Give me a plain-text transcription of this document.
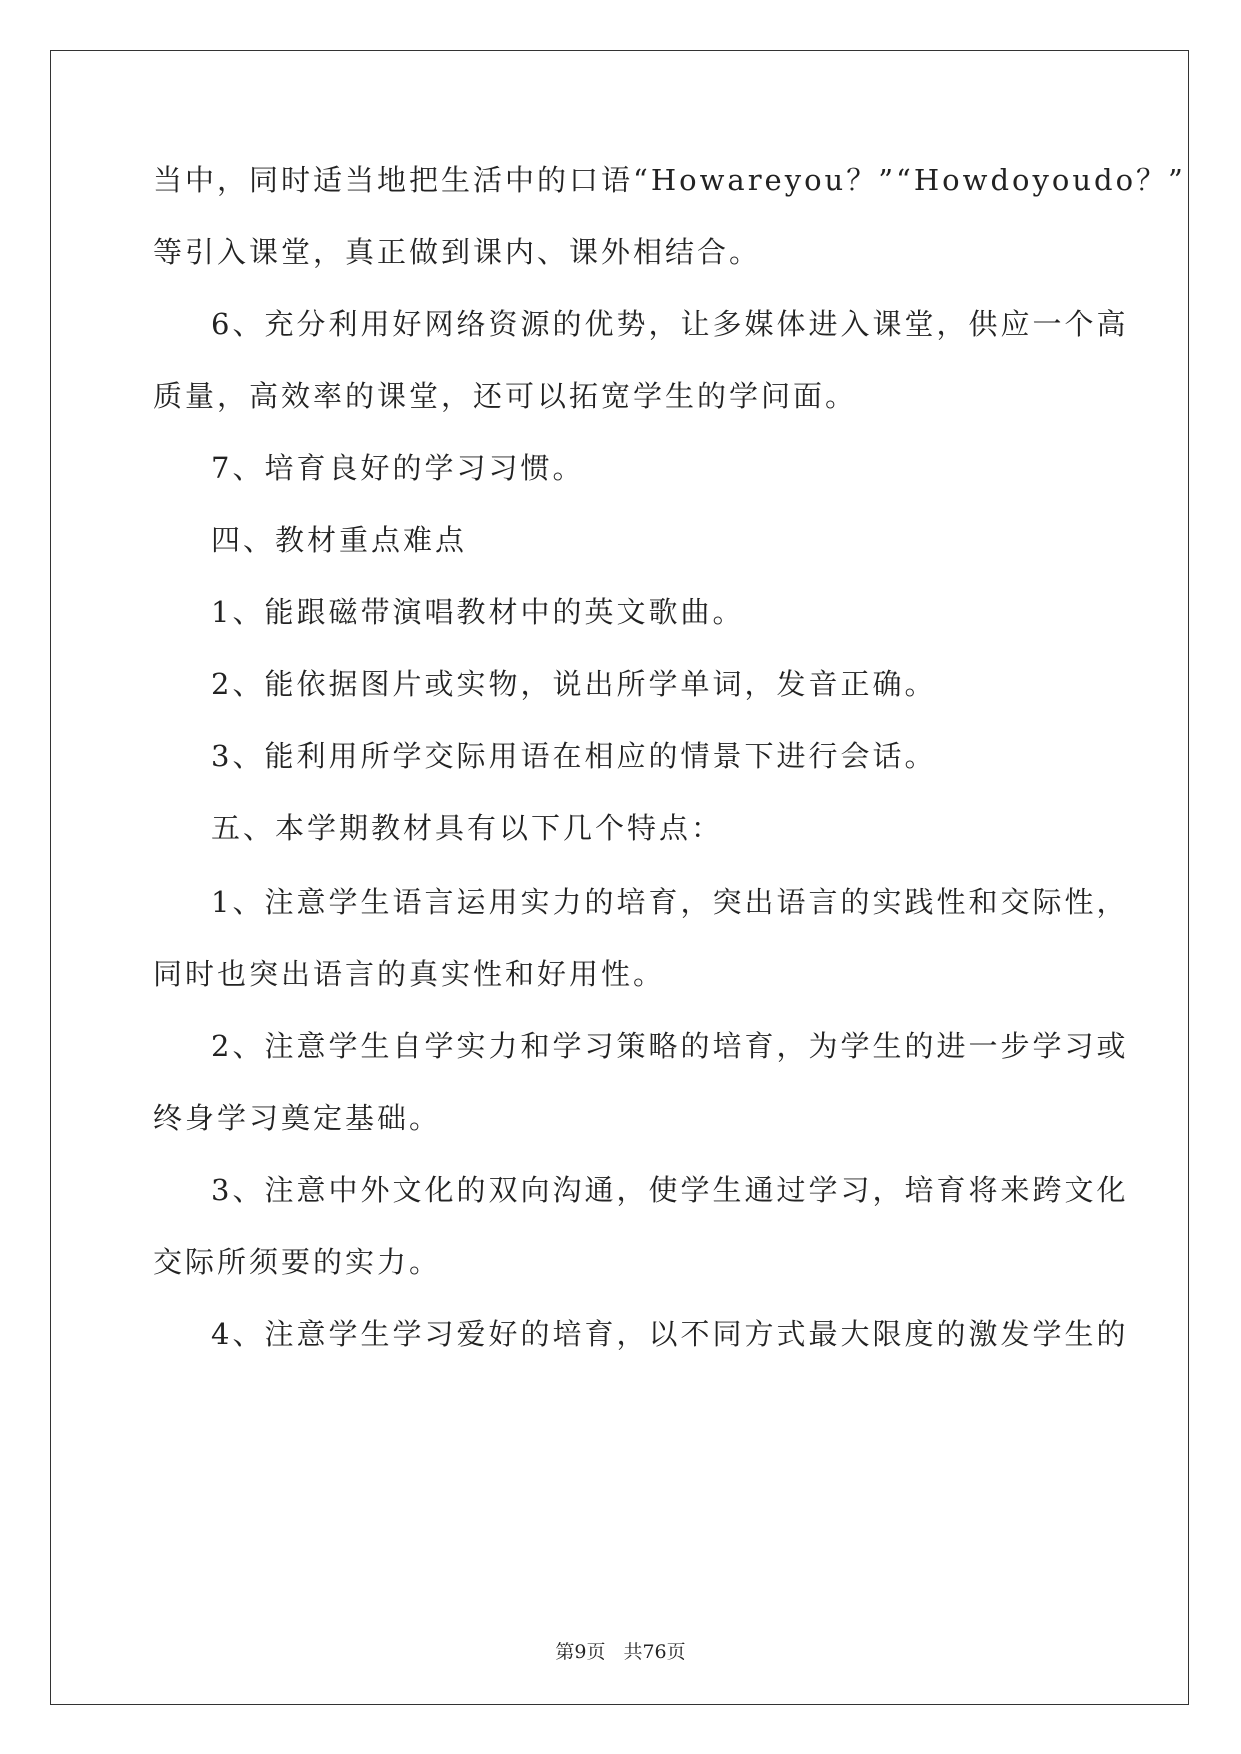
当中，同时适当地把生活中的口语“Howareyou？”“Howdoyoudo？”
等引入课堂，真正做到课内、课外相结合。
6、充分利用好网络资源的优势，让多媒体进入课堂，供应一个高
质量，高效率的课堂，还可以拓宽学生的学问面。
7、培育良好的学习习惯。
四、教材重点难点
1、能跟磁带演唱教材中的英文歌曲。
2、能依据图片或实物，说出所学单词，发音正确。
3、能利用所学交际用语在相应的情景下进行会话。
五、本学期教材具有以下几个特点：
1、注意学生语言运用实力的培育，突出语言的实践性和交际性，
同时也突出语言的真实性和好用性。
2、注意学生自学实力和学习策略的培育，为学生的进一步学习或
终身学习奠定基础。
3、注意中外文化的双向沟通，使学生通过学习，培育将来跨文化
交际所须要的实力。
4、注意学生学习爱好的培育，以不同方式最大限度的激发学生的
第9页 共76页
